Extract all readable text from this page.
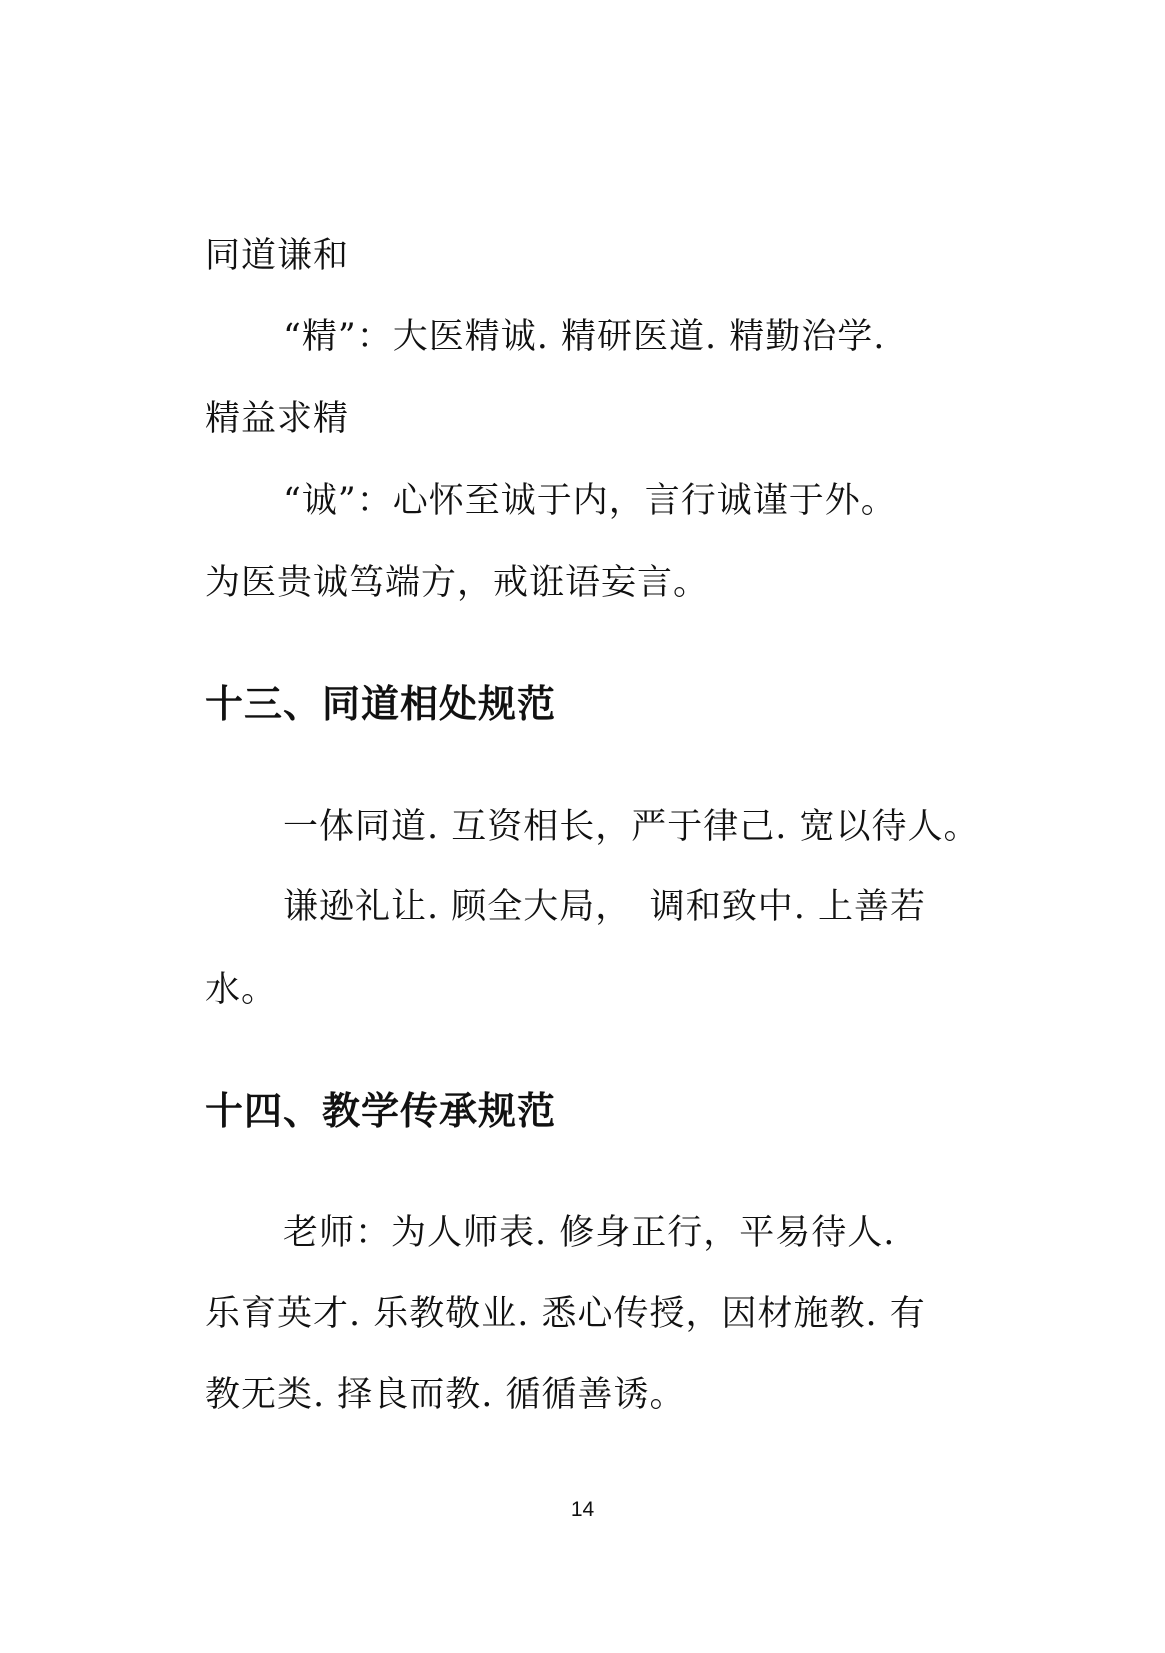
同道谦和
“精”：大医精诚. 精研医道. 精勤治学.
精益求精
“诚”：心怀至诚于内，言行诚谨于外。
为医贵诚笃端方，戒诳语妄言。
十三、同道相处规范
一体同道. 互资相长，严于律己. 宽以待人。
谦逊礼让. 顾全大局，　调和致中. 上善若
水。
十四、教学传承规范
老师：为人师表. 修身正行，平易待人.
乐育英才. 乐教敬业. 悉心传授，因材施教. 有
教无类. 择良而教. 循循善诱。
14
